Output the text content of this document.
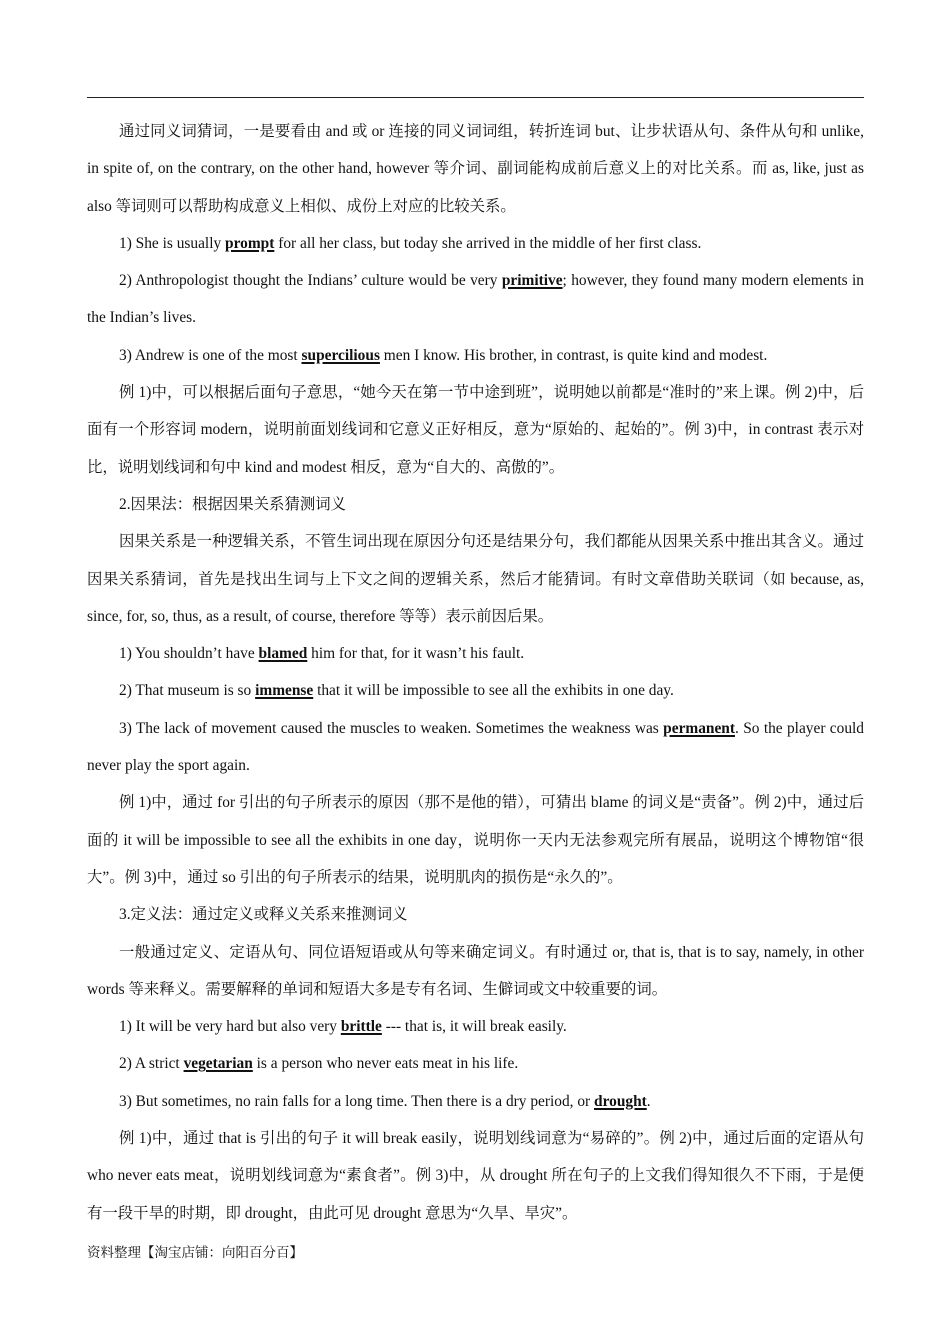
通过同义词猜词，一是要看由 and 或 or 连接的同义词词组，转折连词 but、让步状语从句、条件从句和 unlike, in spite of, on the contrary, on the other hand, however 等介词、副词能构成前后意义上的对比关系。而 as, like, just as also 等词则可以帮助构成意义上相似、成份上对应的比较关系。

1) She is usually prompt for all her class, but today she arrived in the middle of her first class.

2) Anthropologist thought the Indians’ culture would be very primitive; however, they found many modern elements in the Indian’s lives.

3) Andrew is one of the most supercilious men I know. His brother, in contrast, is quite kind and modest.

例 1)中，可以根据后面句子意思，“她今天在第一节中途到班”，说明她以前都是“准时的”来上课。例 2)中，后面有一个形容词 modern，说明前面划线词和它意义正好相反，意为“原始的、起始的”。例 3)中，in contrast 表示对比，说明划线词和句中 kind and modest 相反，意为“自大的、高傲的”。

2.因果法：根据因果关系猜测词义

因果关系是一种逻辑关系，不管生词出现在原因分句还是结果分句，我们都能从因果关系中推出其含义。通过因果关系猜词，首先是找出生词与上下文之间的逻辑关系，然后才能猜词。有时文章借助关联词（如 because, as, since, for, so, thus, as a result, of course, therefore 等等）表示前因后果。

1) You shouldn’t have blamed him for that, for it wasn’t his fault.

2) That museum is so immense that it will be impossible to see all the exhibits in one day.

3) The lack of movement caused the muscles to weaken. Sometimes the weakness was permanent. So the player could never play the sport again.

例 1)中，通过 for 引出的句子所表示的原因（那不是他的错），可猜出 blame 的词义是“责备”。例 2)中，通过后面的 it will be impossible to see all the exhibits in one day，说明你一天内无法参观完所有展品，说明这个博物馆“很大”。例 3)中，通过 so 引出的句子所表示的结果，说明肌肉的损伤是“永久的”。

3.定义法：通过定义或释义关系来推测词义

一般通过定义、定语从句、同位语短语或从句等来确定词义。有时通过 or, that is, that is to say, namely, in other words 等来释义。需要解释的单词和短语大多是专有名词、生僻词或文中较重要的词。

1) It will be very hard but also very brittle --- that is, it will break easily.

2) A strict vegetarian is a person who never eats meat in his life.

3) But sometimes, no rain falls for a long time. Then there is a dry period, or drought.

例 1)中，通过 that is 引出的句子 it will break easily，说明划线词意为“易碎的”。例 2)中，通过后面的定语从句 who never eats meat，说明划线词意为“素食者”。例 3)中，从 drought 所在句子的上文我们得知很久不下雨，于是便有一段干旱的时期，即 drought，由此可见 drought 意思为“久旱、旱灾”。

资料整理【淘宝店铺：向阳百分百】
